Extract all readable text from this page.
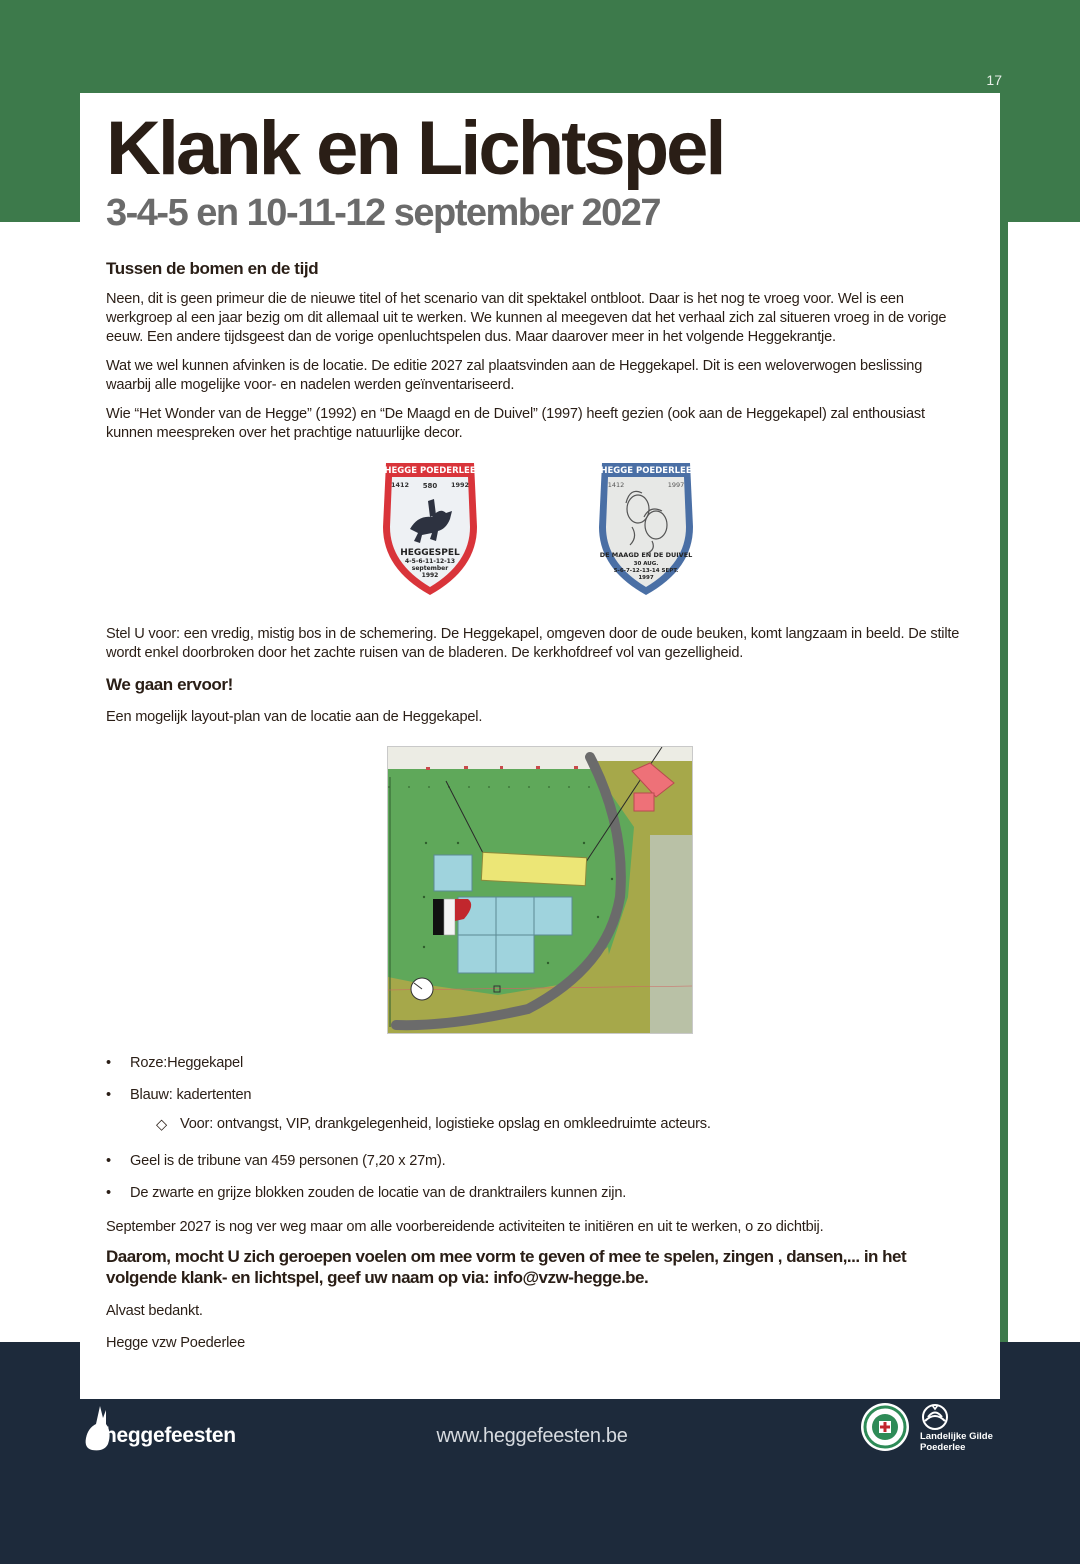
17
Klank en Lichtspel
3-4-5 en 10-11-12 september 2027
Tussen de bomen en de tijd
Neen, dit is geen primeur die de nieuwe titel of het scenario van dit spektakel ontbloot. Daar is het nog te vroeg voor. Wel is een
werkgroep al een jaar bezig om dit allemaal uit te werken. We kunnen al meegeven dat het verhaal zich zal situeren vroeg in de vorige
eeuw. Een andere tijdsgeest dan de vorige openluchtspelen dus. Maar daarover meer in het volgende Heggekrantje.
Wat we wel kunnen afvinken is de locatie. De editie 2027 zal plaatsvinden aan de Heggekapel. Dit is een weloverwogen beslissing
waarbij alle mogelijke voor- en nadelen werden geïnventariseerd.
Wie “Het Wonder van de Hegge” (1992) en “De Maagd en de Duivel” (1997) heeft gezien (ook aan de Heggekapel) zal enthousiast
kunnen meespreken over het prachtige natuurlijke decor.
HEGGE POEDERLEE
1412 580 1992
HEGGESPEL
4-5-6-11-12-13
september
1992
HEGGE POEDERLEE
1412	1997
DE MAAGD EN DE DUIVEL
30 AUG.
5-6-7-12-13-14 SEPT.
1997
Stel U voor: een vredig, mistig bos in de schemering. De Heggekapel, omgeven door de oude beuken, komt langzaam in beeld. De stilte
wordt enkel doorbroken door het zachte ruisen van de bladeren. De kerkhofdreef vol van gezelligheid.
We gaan ervoor!
Een mogelijk layout-plan van de locatie aan de Heggekapel.
•	Roze:Heggekapel
•	Blauw: kadertenten
◇ Voor: ontvangst, VIP, drankgelegenheid, logistieke opslag en omkleedruimte acteurs.
•	Geel is de tribune van 459 personen (7,20 x 27m).
•	De zwarte en grijze blokken zouden de locatie van de dranktrailers kunnen zijn.
September 2027 is nog ver weg maar om alle voorbereidende activiteiten te initiëren en uit te werken, o zo dichtbij.
Daarom, mocht U zich geroepen voelen om mee vorm te geven of mee te spelen, zingen , dansen,... in het
volgende klank- en lichtspel, geef uw naam op via: info@vzw-hegge.be.
Alvast bedankt.
Hegge vzw Poederlee
heggefeesten	www.heggefeesten.be	Landelijke Gilde
Poederlee
